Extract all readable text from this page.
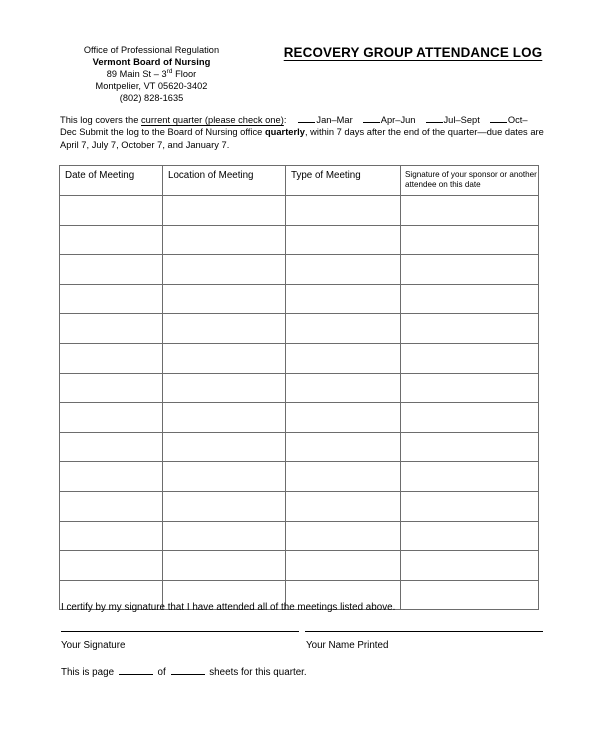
Office of Professional Regulation
Vermont Board of Nursing
89 Main St – 3rd Floor
Montpelier, VT 05620-3402
(802) 828-1635
RECOVERY GROUP ATTENDANCE LOG
This log covers the current quarter (please check one):	Jan–Mar	Apr–Jun	Jul–Sept	Oct–Dec Submit the log to the Board of Nursing office quarterly, within 7 days after the end of the quarter—due dates are April 7, July 7, October 7, and January 7.
Date of Meeting	Location of Meeting	Type of Meeting	Signature of your sponsor or another attendee on this date

I certify by my signature that I have attended all of the meetings listed above.
Your Signature	Your Name Printed
This is page	of	sheets for this quarter.
